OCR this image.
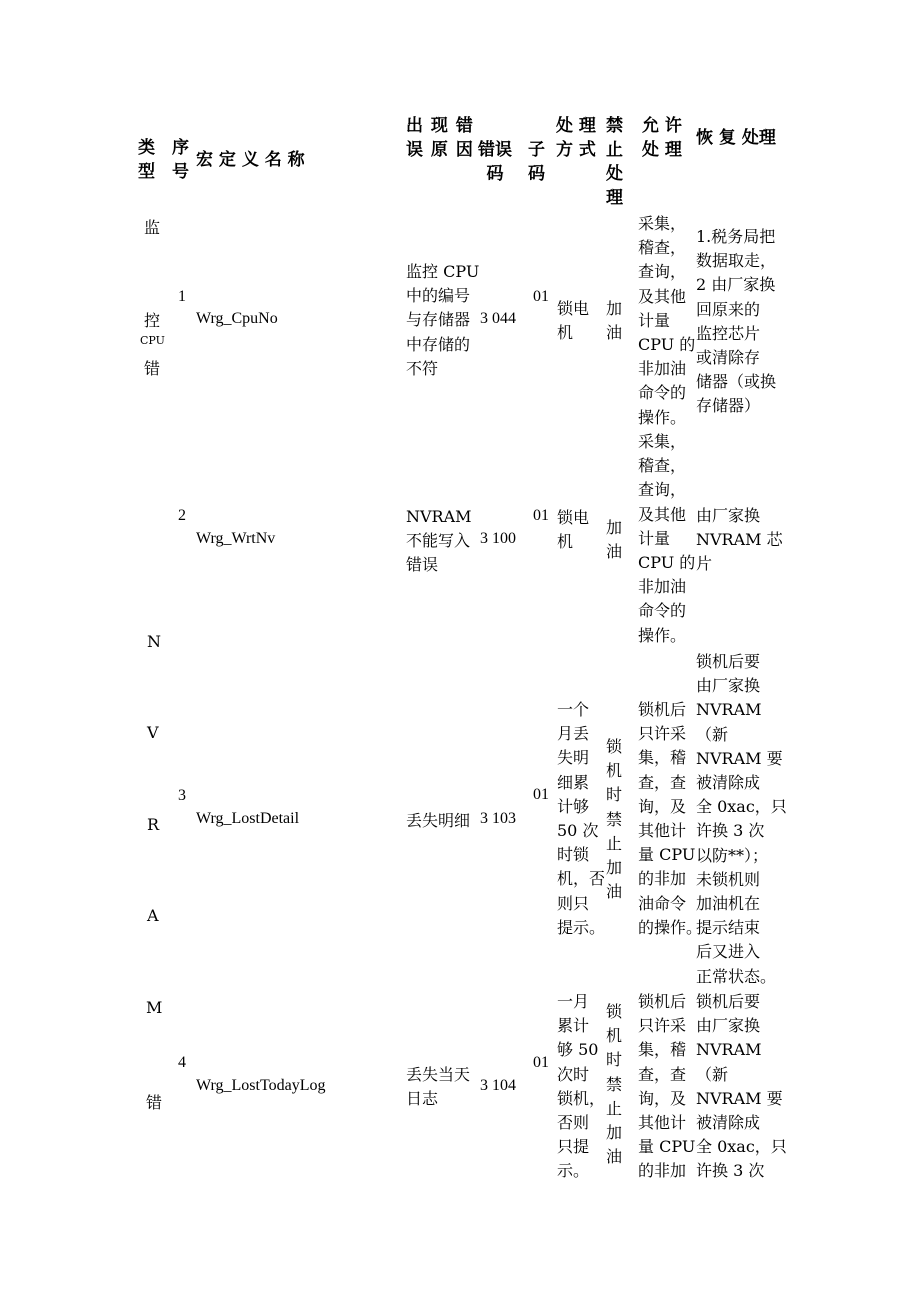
类
型
序
号
宏 定 义 名 称
出 现 错
误 原 因 错误
码
子
码
处 理
方 式
禁
止
处
理
允 许
处 理
恢 复 处理
监
控
CPU
错
N
V
R
A
M
错
1
Wrg_CpuNo
监控 CPU
中的编号
与存储器
中存储的
不符
3 044
01
锁电
机
加
油
采集，
稽查，
查询，
及其他
计量
CPU 的
非加油
命令的
操作。
1.税务局把
数据取走，
2 由厂家换
回原来的
监控芯片
或清除存
储器（或换
存储器）
2
Wrg_WrtNv
NVRAM
不能写入
错误
3 100
01 锁电
机
加
油
采集，
稽查，
查询，
及其他
计量
CPU 的
非加油
命令的
操作。
由厂家换
NVRAM 芯
片
3
Wrg_LostDetail	丢失明细 3 103
01
一个
月丢
失明
细累
计够
50 次
时锁
机，否
则只
提示。
锁
机
时
禁
止
加
油
锁机后
只许采
集，稽
查，查
询，及
其他计
量 CPU
的非加
油命令
的操作。
锁机后要
由厂家换
NVRAM
（新
NVRAM 要
被清除成
全 0xac，只
许换 3 次
以防**）；
未锁机则
加油机在
提示结束
后又进入
正常状态。
4
Wrg_LostTodayLog
丢失当天
日志
3 104
01
一月
累计
够 50
次时
锁机，
否则
只提
示。
锁
机
时
禁
止
加
油
锁机后
只许采
集，稽
查，查
询，及
其他计
量 CPU
的非加
锁机后要
由厂家换
NVRAM
（新
NVRAM 要
被清除成
全 0xac，只
许换 3 次
